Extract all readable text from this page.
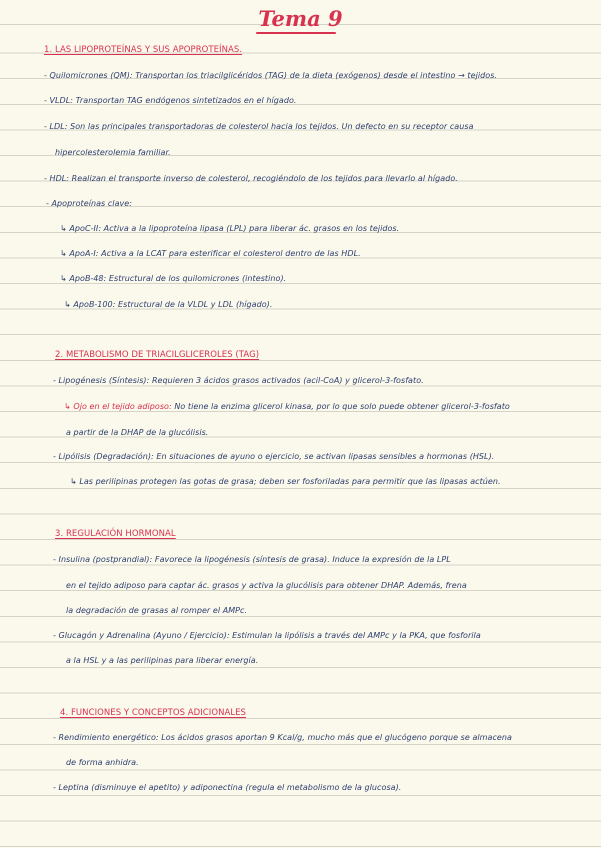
Tema 9
1. LAS LIPOPROTEÍNAS Y SUS APOPROTEÍNAS.
- Quilomicrones (QM): Transportan los triacilglicéridos (TAG) de la dieta (exógenos) desde el intestino → tejidos.
- VLDL: Transportan TAG endógenos sintetizados en el hígado.
- LDL: Son las principales transportadoras de colesterol hacia los tejidos. Un defecto en su receptor causa
hipercolesterolemia familiar.
- HDL: Realizan el transporte inverso de colesterol, recogiéndolo de los tejidos para llevarlo al hígado.
- Apoproteínas clave:
↳ ApoC-II: Activa a la lipoproteína lipasa (LPL) para liberar ác. grasos en los tejidos.
↳ ApoA-I: Activa a la LCAT para esterificar el colesterol dentro de las HDL.
↳ ApoB-48: Estructural de los quilomicrones (intestino).
↳ ApoB-100: Estructural de la VLDL y LDL (hígado).
2. METABOLISMO DE TRIACILGLICEROLES (TAG)
- Lipogénesis (Síntesis): Requieren 3 ácidos grasos activados (acil-CoA) y glicerol-3-fosfato.
↳ Ojo en el tejido adiposo: No tiene la enzima glicerol kinasa, por lo que solo puede obtener glicerol-3-fosfato
a partir de la DHAP de la glucólisis.
- Lipólisis (Degradación): En situaciones de ayuno o ejercicio, se activan lipasas sensibles a hormonas (HSL).
↳ Las perilipinas protegen las gotas de grasa; deben ser fosforiladas para permitir que las lipasas actúen.
3. REGULACIÓN HORMONAL
- Insulina (postprandial): Favorece la lipogénesis (síntesis de grasa). Induce la expresión de la LPL
en el tejido adiposo para captar ác. grasos y activa la glucólisis para obtener DHAP. Además, frena
la degradación de grasas al romper el AMPc.
- Glucagón y Adrenalina (Ayuno / Ejercicio): Estimulan la lipólisis a través del AMPc y la PKA, que fosforila
a la HSL y a las perilipinas para liberar energía.
4. FUNCIONES Y CONCEPTOS ADICIONALES
- Rendimiento energético: Los ácidos grasos aportan 9 Kcal/g, mucho más que el glucógeno porque se almacena
de forma anhidra.
- Leptina (disminuye el apetito) y adiponectina (regula el metabolismo de la glucosa).
